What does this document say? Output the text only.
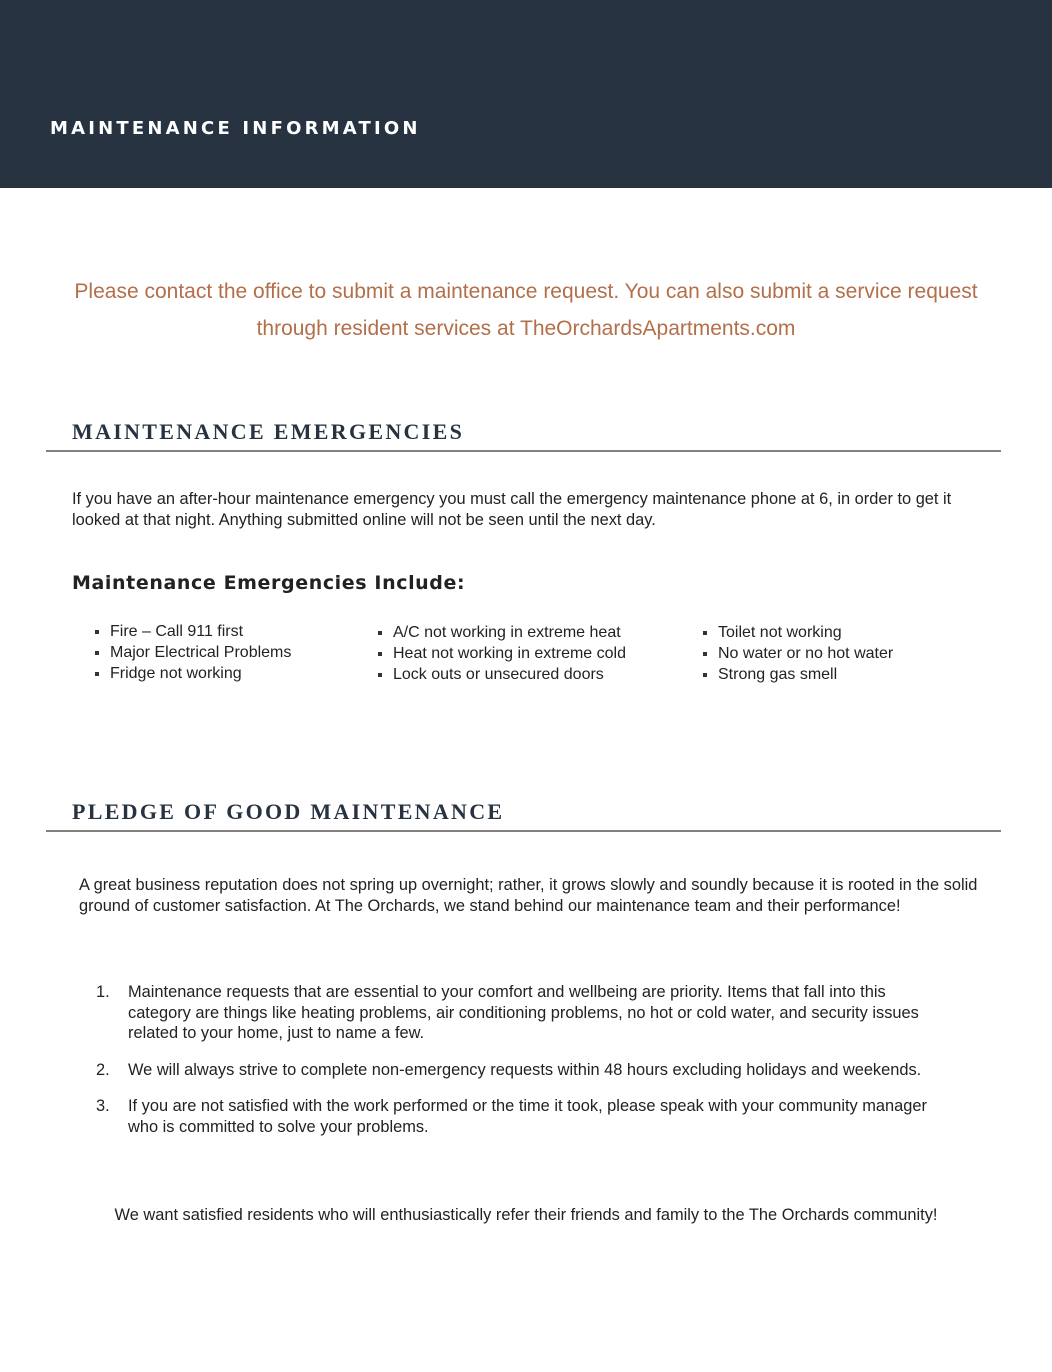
MAINTENANCE INFORMATION
Please contact the office to submit a maintenance request. You can also submit a service request through resident services at TheOrchardsApartments.com
MAINTENANCE EMERGENCIES
If you have an after-hour maintenance emergency you must call the emergency maintenance phone at 6, in order to get it looked at that night. Anything submitted online will not be seen until the next day.
Maintenance Emergencies Include:
Fire – Call 911 first
Major Electrical Problems
Fridge not working
A/C not working in extreme heat
Heat not working in extreme cold
Lock outs or unsecured doors
Toilet not working
No water or no hot water
Strong gas smell
PLEDGE OF GOOD MAINTENANCE
A great business reputation does not spring up overnight; rather, it grows slowly and soundly because it is rooted in the solid ground of customer satisfaction. At The Orchards, we stand behind our maintenance team and their performance!
1. Maintenance requests that are essential to your comfort and wellbeing are priority. Items that fall into this category are things like heating problems, air conditioning problems, no hot or cold water, and security issues related to your home, just to name a few.
2. We will always strive to complete non-emergency requests within 48 hours excluding holidays and weekends.
3. If you are not satisfied with the work performed or the time it took, please speak with your community manager who is committed to solve your problems.
We want satisfied residents who will enthusiastically refer their friends and family to the The Orchards community!
